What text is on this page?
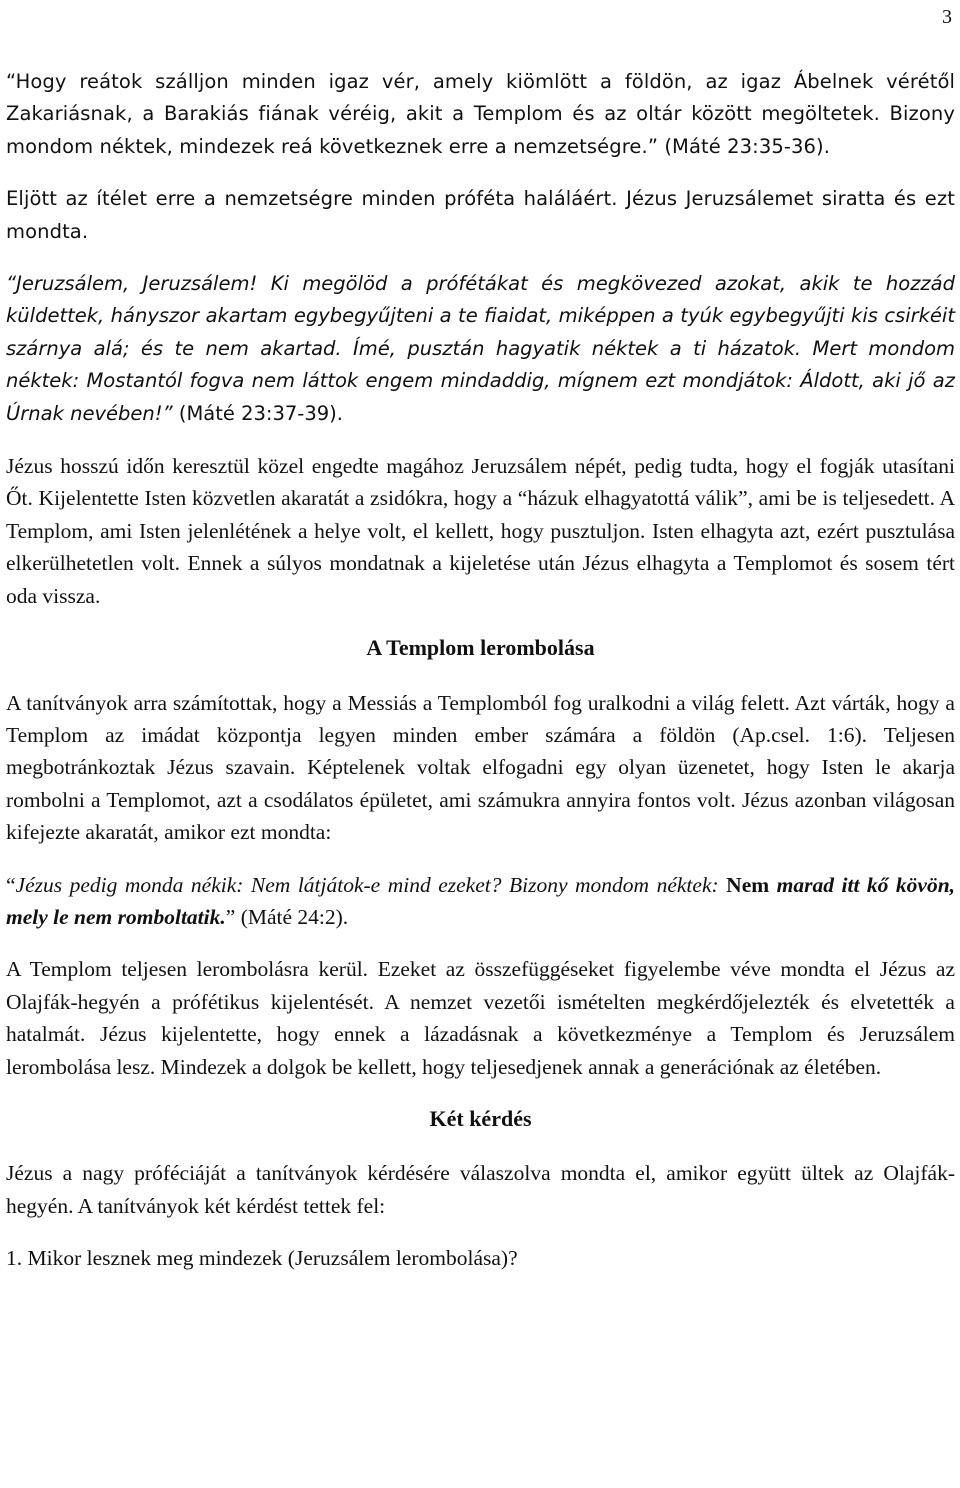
3

“Hogy reátok szálljon minden igaz vér, amely kiömlött a földön, az igaz Ábelnek vérétől Zakariásnak, a Barakiás fiának véréig, akit a Templom és az oltár között megöltetek. Bizony mondom néktek, mindezek reá következnek erre a nemzetségre.” (Máté 23:35-36).

Eljött az ítélet erre a nemzetségre minden próféta haláláért. Jézus Jeruzsálemet siratta és ezt mondta.

“Jeruzsálem, Jeruzsálem! Ki megölöd a prófétákat és megkövezed azokat, akik te hozzád küldettek, hányszor akartam egybegyűjteni a te fiaidat, miképpen a tyúk egybegyűjti kis csirkéit szárnya alá; és te nem akartad. Ímé, pusztán hagyatik néktek a ti házatok. Mert mondom néktek: Mostantól fogva nem láttok engem mindaddig, mígnem ezt mondjátok: Áldott, aki jő az Úrnak nevében!” (Máté 23:37-39).

Jézus hosszú időn keresztül közel engedte magához Jeruzsálem népét, pedig tudta, hogy el fogják utasítani Őt. Kijelentette Isten közvetlen akaratát a zsidókra, hogy a “házuk elhagyatottá válik”, ami be is teljesedett. A Templom, ami Isten jelenlétének a helye volt, el kellett, hogy pusztuljon. Isten elhagyta azt, ezért pusztulása elkerülhetetlen volt. Ennek a súlyos mondatnak a kijeletése után Jézus elhagyta a Templomot és sosem tért oda vissza.

A Templom lerombolása

A tanítványok arra számítottak, hogy a Messiás a Templomból fog uralkodni a világ felett. Azt várták, hogy a Templom az imádat központja legyen minden ember számára a földön (Ap.csel. 1:6). Teljesen megbotránkoztak Jézus szavain. Képtelenek voltak elfogadni egy olyan üzenetet, hogy Isten le akarja rombolni a Templomot, azt a csodálatos épületet, ami számukra annyira fontos volt. Jézus azonban világosan kifejezte akaratát, amikor ezt mondta:

“Jézus pedig monda nékik: Nem látjátok-e mind ezeket? Bizony mondom néktek: Nem marad itt kő kövön, mely le nem romboltatik.” (Máté 24:2).

A Templom teljesen lerombolásra kerül. Ezeket az összefüggéseket figyelembe véve mondta el Jézus az Olajfák-hegyén a prófétikus kijelentését. A nemzet vezetői ismételten megkérdőjelezték és elvetették a hatalmát. Jézus kijelentette, hogy ennek a lázadásnak a következménye a Templom és Jeruzsálem lerombolása lesz. Mindezek a dolgok be kellett, hogy teljesedjenek annak a generációnak az életében.

Két kérdés

Jézus a nagy próféciáját a tanítványok kérdésére válaszolva mondta el, amikor együtt ültek az Olajfák-hegyén. A tanítványok két kérdést tettek fel:

1. Mikor lesznek meg mindezek (Jeruzsálem lerombolása)?
